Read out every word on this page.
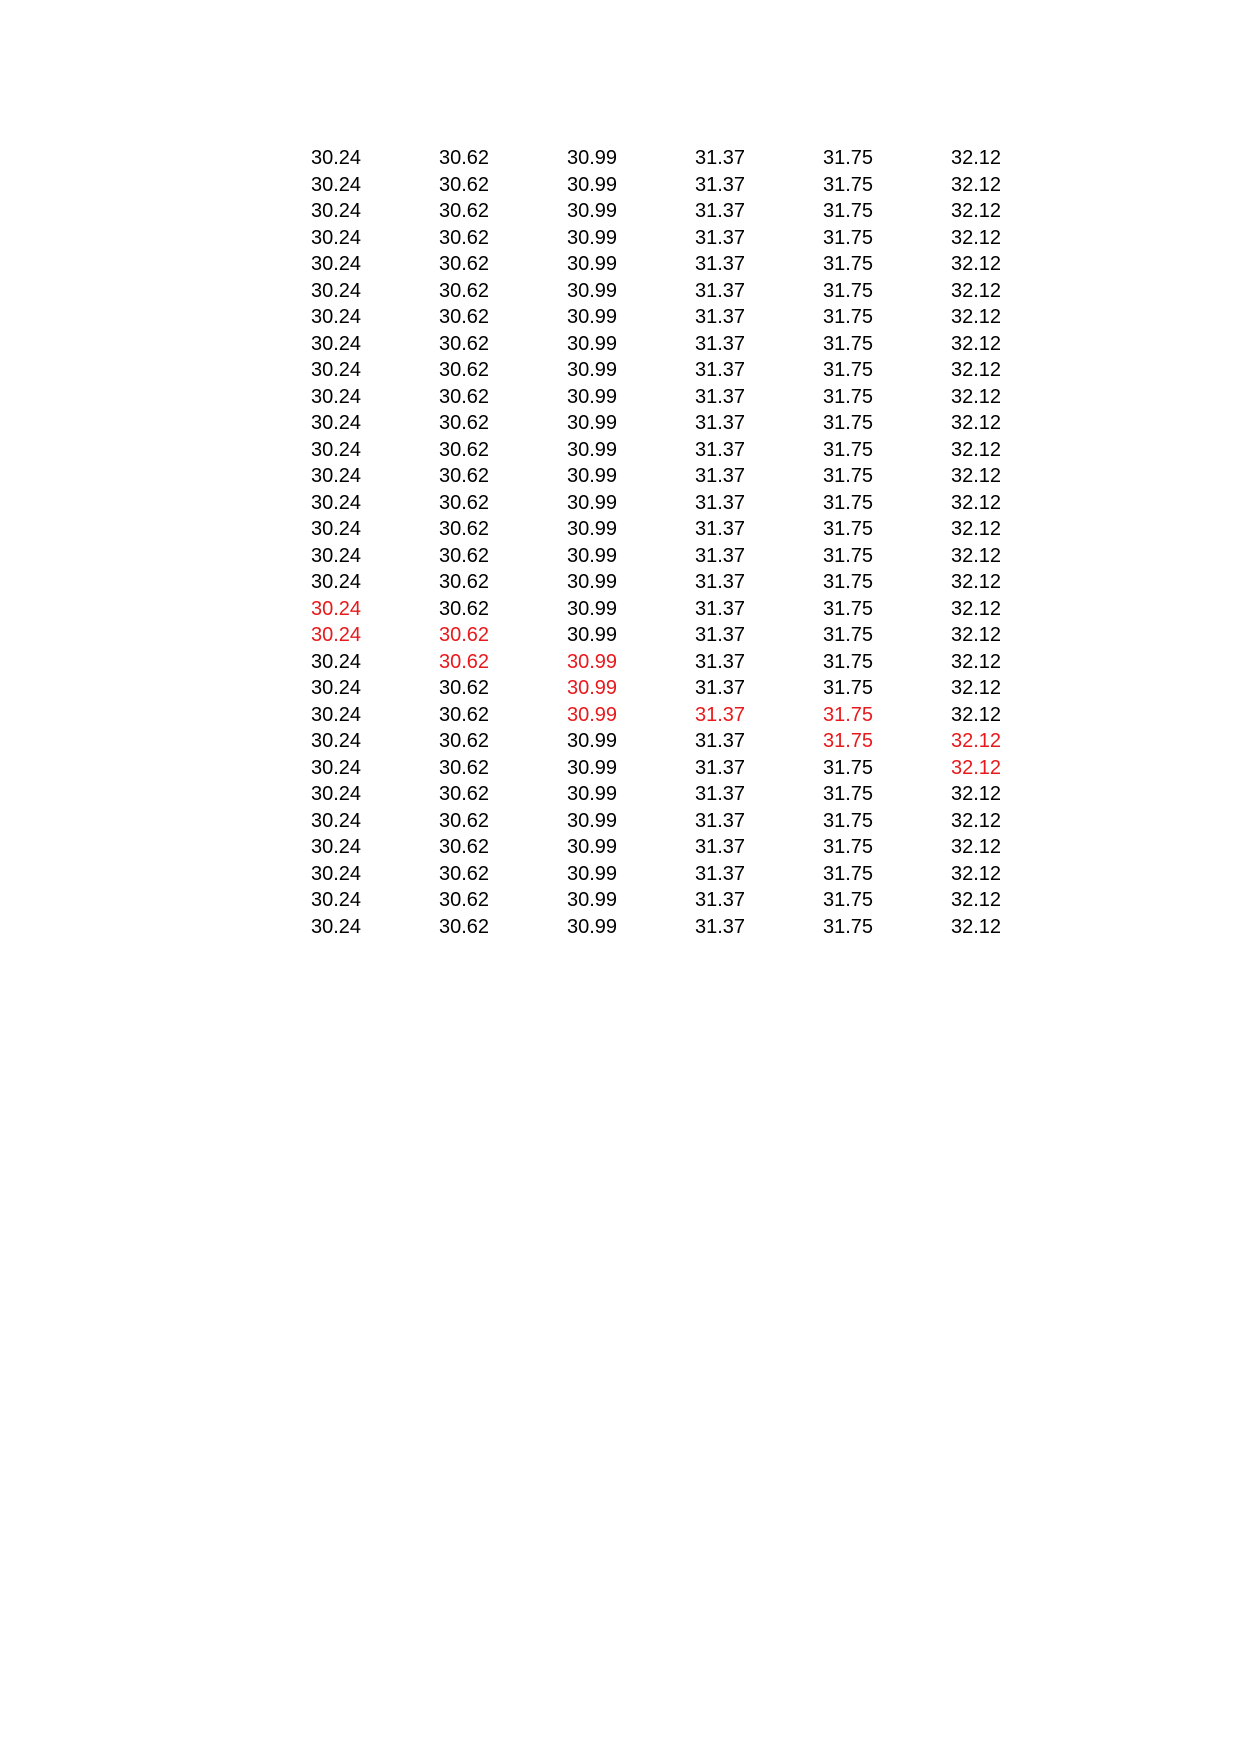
30.24	30.62	30.99	31.37	31.75	32.12
30.24	30.62	30.99	31.37	31.75	32.12
30.24	30.62	30.99	31.37	31.75	32.12
30.24	30.62	30.99	31.37	31.75	32.12
30.24	30.62	30.99	31.37	31.75	32.12
30.24	30.62	30.99	31.37	31.75	32.12
30.24	30.62	30.99	31.37	31.75	32.12
30.24	30.62	30.99	31.37	31.75	32.12
30.24	30.62	30.99	31.37	31.75	32.12
30.24	30.62	30.99	31.37	31.75	32.12
30.24	30.62	30.99	31.37	31.75	32.12
30.24	30.62	30.99	31.37	31.75	32.12
30.24	30.62	30.99	31.37	31.75	32.12
30.24	30.62	30.99	31.37	31.75	32.12
30.24	30.62	30.99	31.37	31.75	32.12
30.24	30.62	30.99	31.37	31.75	32.12
30.24	30.62	30.99	31.37	31.75	32.12
30.24	30.62	30.99	31.37	31.75	32.12
30.24	30.62	30.99	31.37	31.75	32.12
30.24	30.62	30.99	31.37	31.75	32.12
30.24	30.62	30.99	31.37	31.75	32.12
30.24	30.62	30.99	31.37	31.75	32.12
30.24	30.62	30.99	31.37	31.75	32.12
30.24	30.62	30.99	31.37	31.75	32.12
30.24	30.62	30.99	31.37	31.75	32.12
30.24	30.62	30.99	31.37	31.75	32.12
30.24	30.62	30.99	31.37	31.75	32.12
30.24	30.62	30.99	31.37	31.75	32.12
30.24	30.62	30.99	31.37	31.75	32.12
30.24	30.62	30.99	31.37	31.75	32.12
